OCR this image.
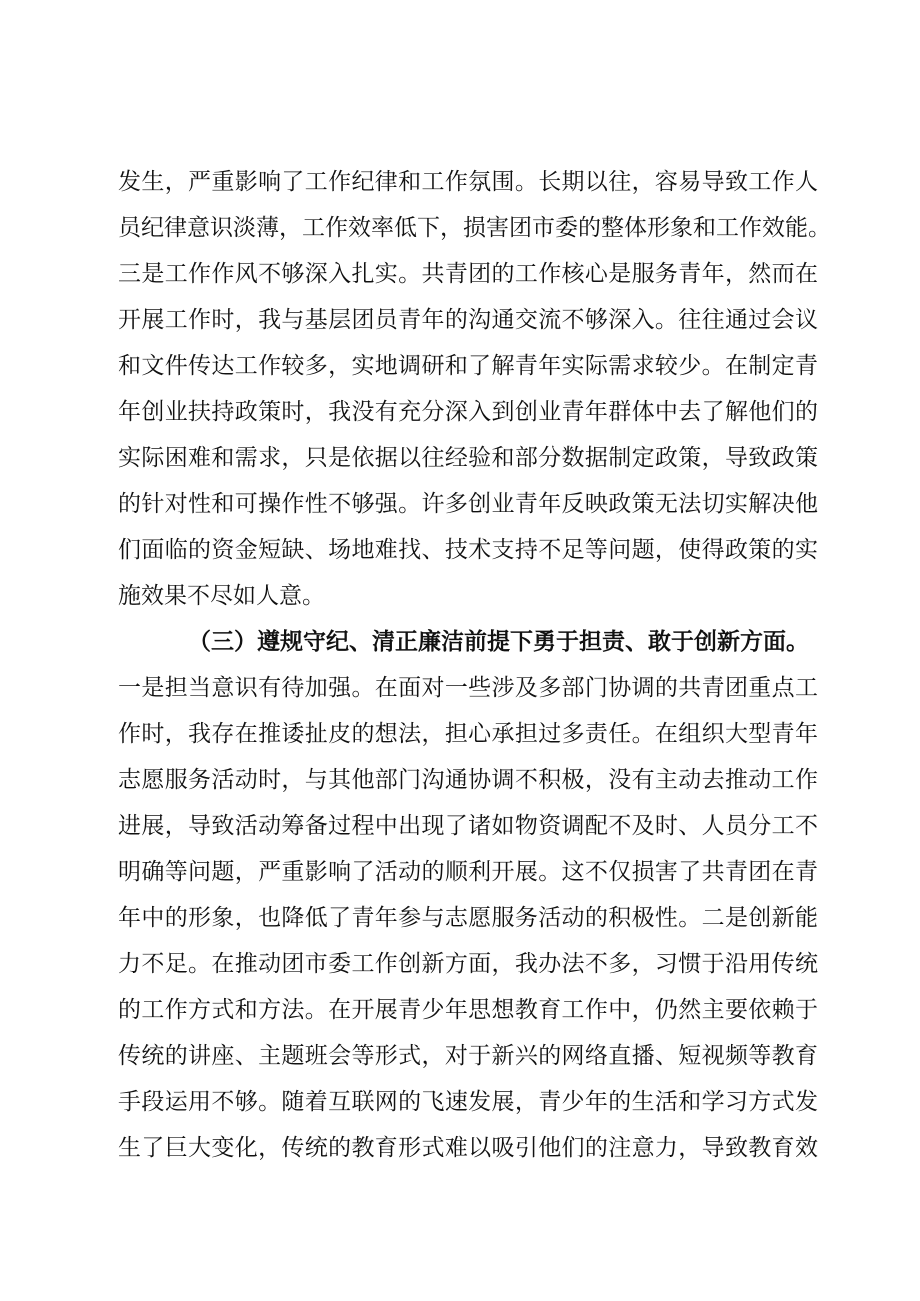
发生，严重影响了工作纪律和工作氛围。长期以往，容易导致工作人
员纪律意识淡薄，工作效率低下，损害团市委的整体形象和工作效能。
三是工作作风不够深入扎实。共青团的工作核心是服务青年，然而在
开展工作时，我与基层团员青年的沟通交流不够深入。往往通过会议
和文件传达工作较多，实地调研和了解青年实际需求较少。在制定青
年创业扶持政策时，我没有充分深入到创业青年群体中去了解他们的
实际困难和需求，只是依据以往经验和部分数据制定政策，导致政策
的针对性和可操作性不够强。许多创业青年反映政策无法切实解决他
们面临的资金短缺、场地难找、技术支持不足等问题，使得政策的实
施效果不尽如人意。
（三）遵规守纪、清正廉洁前提下勇于担责、敢于创新方面。
一是担当意识有待加强。在面对一些涉及多部门协调的共青团重点工
作时，我存在推诿扯皮的想法，担心承担过多责任。在组织大型青年
志愿服务活动时，与其他部门沟通协调不积极，没有主动去推动工作
进展，导致活动筹备过程中出现了诸如物资调配不及时、人员分工不
明确等问题，严重影响了活动的顺利开展。这不仅损害了共青团在青
年中的形象，也降低了青年参与志愿服务活动的积极性。二是创新能
力不足。在推动团市委工作创新方面，我办法不多，习惯于沿用传统
的工作方式和方法。在开展青少年思想教育工作中，仍然主要依赖于
传统的讲座、主题班会等形式，对于新兴的网络直播、短视频等教育
手段运用不够。随着互联网的飞速发展，青少年的生活和学习方式发
生了巨大变化，传统的教育形式难以吸引他们的注意力，导致教育效
